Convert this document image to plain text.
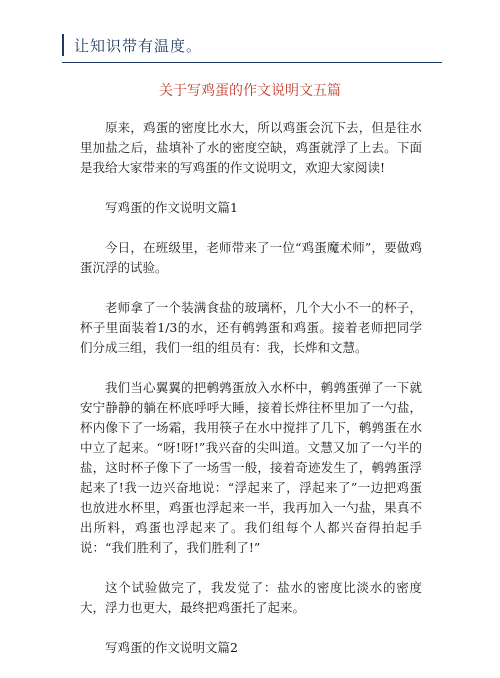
让知识带有温度。
关于写鸡蛋的作文说明文五篇

原来，鸡蛋的密度比水大，所以鸡蛋会沉下去，但是往水里加盐之后，盐填补了水的密度空缺，鸡蛋就浮了上去。下面是我给大家带来的写鸡蛋的作文说明文，欢迎大家阅读!

写鸡蛋的作文说明文篇1

今日，在班级里，老师带来了一位“鸡蛋魔术师”，要做鸡蛋沉浮的试验。

老师拿了一个装满食盐的玻璃杯，几个大小不一的杯子，杯子里面装着1/3的水，还有鹌鹑蛋和鸡蛋。接着老师把同学们分成三组，我们一组的组员有：我，长烨和文慧。

我们当心翼翼的把鹌鹑蛋放入水杯中，鹌鹑蛋弹了一下就安宁静静的躺在杯底呼呼大睡，接着长烨往杯里加了一勺盐，杯内像下了一场霜，我用筷子在水中搅拌了几下，鹌鹑蛋在水中立了起来。“呀!呀!”我兴奋的尖叫道。文慧又加了一勺半的盐，这时杯子像下了一场雪一般，接着奇迹发生了，鹌鹑蛋浮起来了!我一边兴奋地说：“浮起来了，浮起来了”一边把鸡蛋也放进水杯里，鸡蛋也浮起来一半，我再加入一勺盐，果真不出所料，鸡蛋也浮起来了。我们组每个人都兴奋得拍起手说：“我们胜利了，我们胜利了!”

这个试验做完了，我发觉了：盐水的密度比淡水的密度大，浮力也更大，最终把鸡蛋托了起来。

写鸡蛋的作文说明文篇2
